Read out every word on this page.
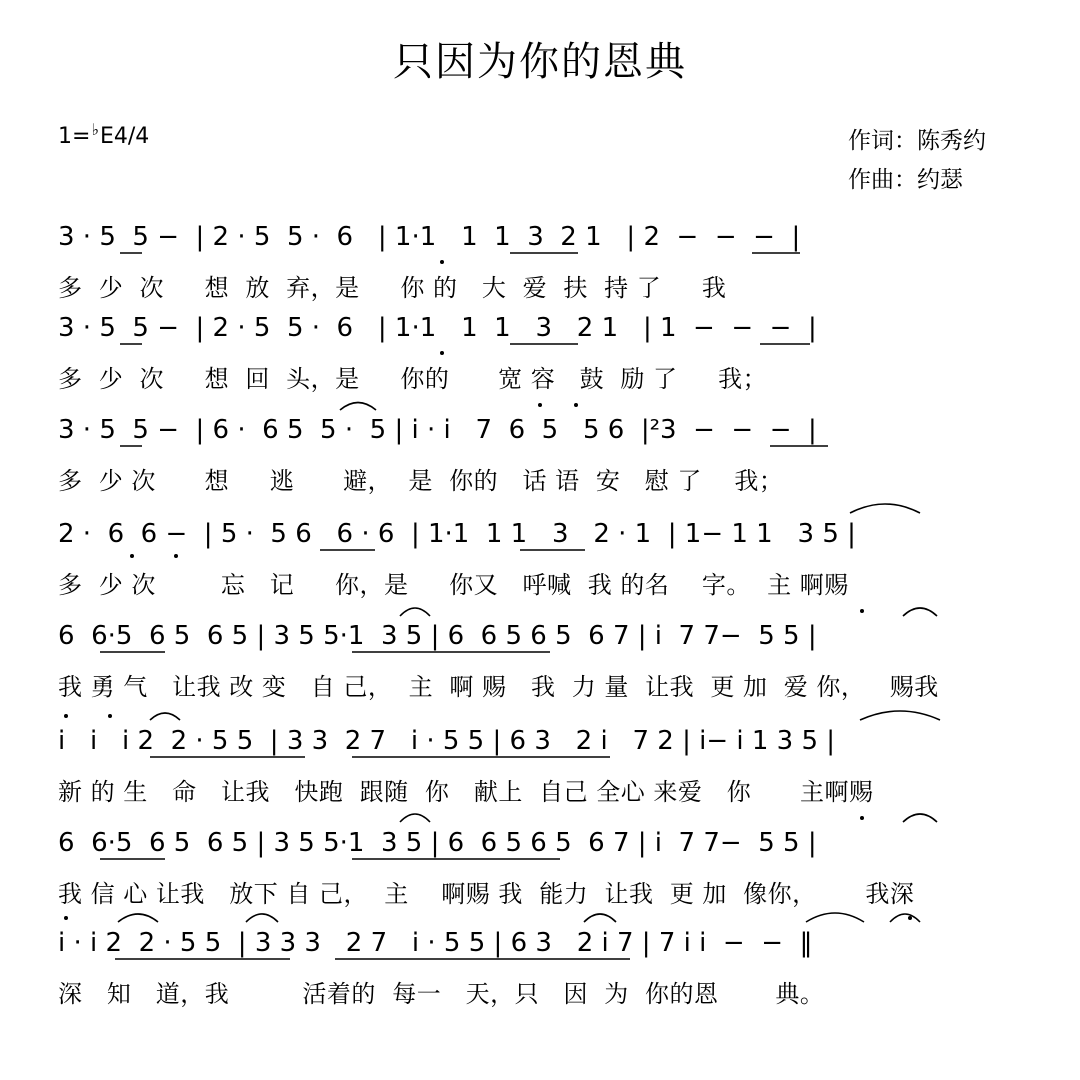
只因为你的恩典
1=♭E4/4	作词：陈秀约
作曲：约瑟
3 · 5  5 −  | 2 · 5  5 ·  6   | 1·1   1  1  3  2 1   | 2  −  −  −  |
多  少  次     想  放  弃，是     你 的   大  爱  扶  持 了     我
3 · 5  5 −  | 2 · 5  5 ·  6   | 1·1   1  1   3   2 1   | 1  −  −  −  |
多  少  次     想  回  头，是     你的      宽 容   鼓  励 了     我；
3 · 5  5 −  | 6 ·  6 5  5 ·  5 | i · i   7  6  5   5 6  |²3  −  −  −  |
多  少 次      想     逃      避，  是  你的   话 语  安   慰 了    我；
2 ·  6  6 −  | 5 ·  5 6   6 · 6  | 1·1  1 1   3   2 · 1  | 1− 1 1   3 5 |
多  少 次        忘   记     你，是     你又   呼喊  我 的名    字。  主 啊赐
6  6·5  6 5  6 5 | 3 5 5·1  3 5 | 6  6 5 6 5  6 7 | i  7 7−  5 5 |
我 勇 气   让我 改 变   自 己，  主  啊 赐   我  力 量  让我  更 加  爱 你，   赐我
i   i   i 2  2 · 5 5  | 3 3  2 7   i · 5 5 | 6 3   2 i   7 2 | i− i 1 3 5 |
新 的 生   命   让我   快跑  跟随  你   献上  自己 全心 来爱   你      主啊赐
6  6·5  6 5  6 5 | 3 5 5·1  3 5 | 6  6 5 6 5  6 7 | i  7 7−  5 5 |
我 信 心 让我   放下 自 己，  主    啊赐 我  能力  让我  更 加  像你，      我深
i · i 2  2 · 5 5  | 3 3 3   2 7   i · 5 5 | 6 3   2 i 7 | 7 i i  −  −  ‖
深   知   道，我         活着的  每一   天，只   因  为  你的恩       典。
